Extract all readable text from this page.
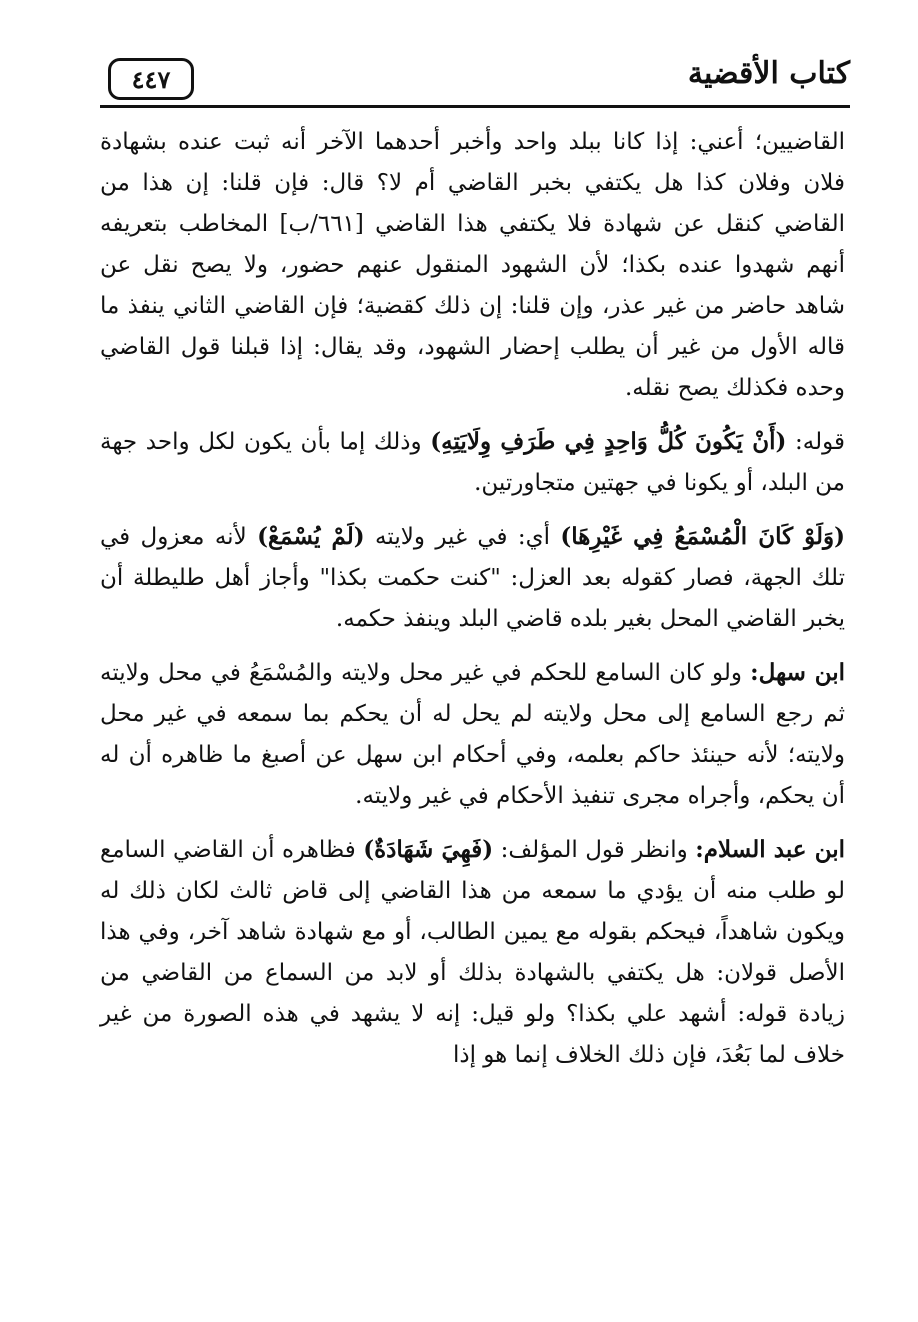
٤٤٧	كتاب الأقضية

القاضيين؛ أعني: إذا كانا ببلد واحد وأخبر أحدهما الآخر أنه ثبت عنده بشهادة فلان وفلان كذا هل يكتفي بخبر القاضي أم لا؟ قال: فإن قلنا: إن هذا من القاضي كنقل عن شهادة فلا يكتفي هذا القاضي [٦٦١/ب] المخاطب بتعريفه أنهم شهدوا عنده بكذا؛ لأن الشهود المنقول عنهم حضور، ولا يصح نقل عن شاهد حاضر من غير عذر، وإن قلنا: إن ذلك كقضية؛ فإن القاضي الثاني ينفذ ما قاله الأول من غير أن يطلب إحضار الشهود، وقد يقال: إذا قبلنا قول القاضي وحده فكذلك يصح نقله.

قوله: (أَنْ يَكُونَ كُلُّ وَاحِدٍ فِي طَرَفِ وِلَايَتِهِ) وذلك إما بأن يكون لكل واحد جهة من البلد، أو يكونا في جهتين متجاورتين.

(وَلَوْ كَانَ الْمُسْمَعُ فِي غَيْرِهَا) أي: في غير ولايته (لَمْ يُسْمَعْ) لأنه معزول في تلك الجهة، فصار كقوله بعد العزل: "كنت حكمت بكذا" وأجاز أهل طليطلة أن يخبر القاضي المحل بغير بلده قاضي البلد وينفذ حكمه.

ابن سهل: ولو كان السامع للحكم في غير محل ولايته والمُسْمَعُ في محل ولايته ثم رجع السامع إلى محل ولايته لم يحل له أن يحكم بما سمعه في غير محل ولايته؛ لأنه حينئذ حاكم بعلمه، وفي أحكام ابن سهل عن أصبغ ما ظاهره أن له أن يحكم، وأجراه مجرى تنفيذ الأحكام في غير ولايته.

ابن عبد السلام: وانظر قول المؤلف: (فَهِيَ شَهَادَةٌ) فظاهره أن القاضي السامع لو طلب منه أن يؤدي ما سمعه من هذا القاضي إلى قاض ثالث لكان ذلك له ويكون شاهداً، فيحكم بقوله مع يمين الطالب، أو مع شهادة شاهد آخر، وفي هذا الأصل قولان: هل يكتفي بالشهادة بذلك أو لابد من السماع من القاضي من زيادة قوله: أشهد علي بكذا؟ ولو قيل: إنه لا يشهد في هذه الصورة من غير خلاف لما بَعُدَ، فإن ذلك الخلاف إنما هو إذا
